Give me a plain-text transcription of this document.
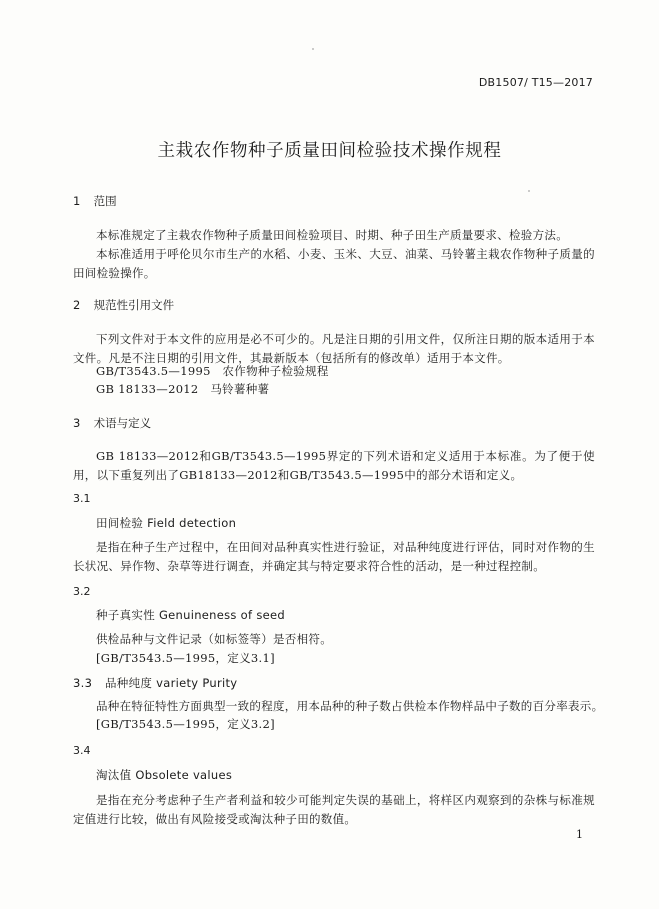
DB1507/ T15—2017
主栽农作物种子质量田间检验技术操作规程
1 范围
本标准规定了主栽农作物种子质量田间检验项目、时期、种子田生产质量要求、检验方法。
本标准适用于呼伦贝尔市生产的水稻、小麦、玉米、大豆、油菜、马铃薯主栽农作物种子质量的田间检验操作。
2 规范性引用文件
下列文件对于本文件的应用是必不可少的。凡是注日期的引用文件，仅所注日期的版本适用于本文件。凡是不注日期的引用文件，其最新版本（包括所有的修改单）适用于本文件。
GB/T3543.5—1995　农作物种子检验规程
GB 18133—2012　马铃薯种薯
3 术语与定义
GB 18133—2012和GB/T3543.5—1995界定的下列术语和定义适用于本标准。为了便于使用，以下重复列出了GB18133—2012和GB/T3543.5—1995中的部分术语和定义。
3.1
田间检验 Field detection
是指在种子生产过程中，在田间对品种真实性进行验证，对品种纯度进行评估，同时对作物的生长状况、异作物、杂草等进行调查，并确定其与特定要求符合性的活动，是一种过程控制。
3.2
种子真实性 Genuineness of seed
供检品种与文件记录（如标签等）是否相符。
[GB/T3543.5—1995，定义3.1]
3.3 品种纯度 variety Purity
品种在特征特性方面典型一致的程度，用本品种的种子数占供检本作物样品中子数的百分率表示。
[GB/T3543.5—1995，定义3.2]
3.4
淘汰值 Obsolete values
是指在充分考虑种子生产者利益和较少可能判定失误的基础上，将样区内观察到的杂株与标准规定值进行比较，做出有风险接受或淘汰种子田的数值。
1
